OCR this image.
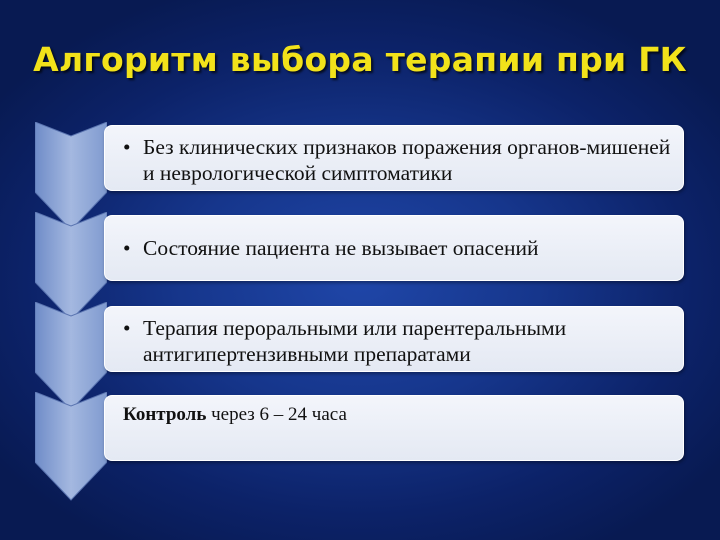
Алгоритм выбора терапии при ГК
• Без клинических признаков поражения органов-мишеней и неврологической симптоматики
• Состояние пациента не вызывает опасений
• Терапия пероральными или парентеральными антигипертензивными препаратами
Контроль через 6 – 24 часа
